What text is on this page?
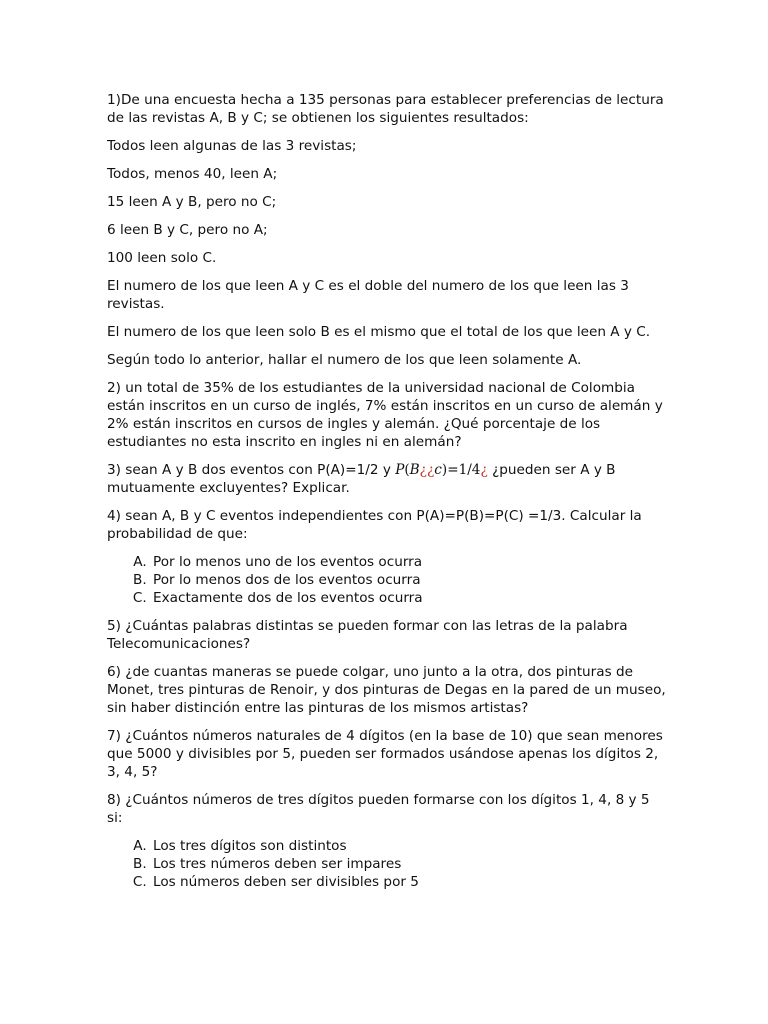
1)De una encuesta hecha a 135 personas para establecer preferencias de lectura de las revistas A, B y C; se obtienen los siguientes resultados:

Todos leen algunas de las 3 revistas;

Todos, menos 40, leen A;

15 leen A y B, pero no C;

6 leen B y C, pero no A;

100 leen solo C.

El numero de los que leen A y C es el doble del numero de los que leen las 3 revistas.

El numero de los que leen solo B es el mismo que el total de los que leen A y C.

Según todo lo anterior, hallar el numero de los que leen solamente A.

2) un total de 35% de los estudiantes de la universidad nacional de Colombia están inscritos en un curso de inglés, 7% están inscritos en un curso de alemán y 2% están inscritos en cursos de ingles y alemán. ¿Qué porcentaje de los estudiantes no esta inscrito en ingles ni en alemán?

3) sean A y B dos eventos con P(A)=1/2 y P(B¿¿c)=1/4¿ ¿pueden ser A y B mutuamente excluyentes? Explicar.

4) sean A, B y C eventos independientes con P(A)=P(B)=P(C) =1/3. Calcular la probabilidad de que:

A. Por lo menos uno de los eventos ocurra
B. Por lo menos dos de los eventos ocurra
C. Exactamente dos de los eventos ocurra

5) ¿Cuántas palabras distintas se pueden formar con las letras de la palabra Telecomunicaciones?

6) ¿de cuantas maneras se puede colgar, uno junto a la otra, dos pinturas de Monet, tres pinturas de Renoir, y dos pinturas de Degas en la pared de un museo, sin haber distinción entre las pinturas de los mismos artistas?

7) ¿Cuántos números naturales de 4 dígitos (en la base de 10) que sean menores que 5000 y divisibles por 5, pueden ser formados usándose apenas los dígitos 2, 3, 4, 5?

8) ¿Cuántos números de tres dígitos pueden formarse con los dígitos 1, 4, 8 y 5 si:

A. Los tres dígitos son distintos
B. Los tres números deben ser impares
C. Los números deben ser divisibles por 5
